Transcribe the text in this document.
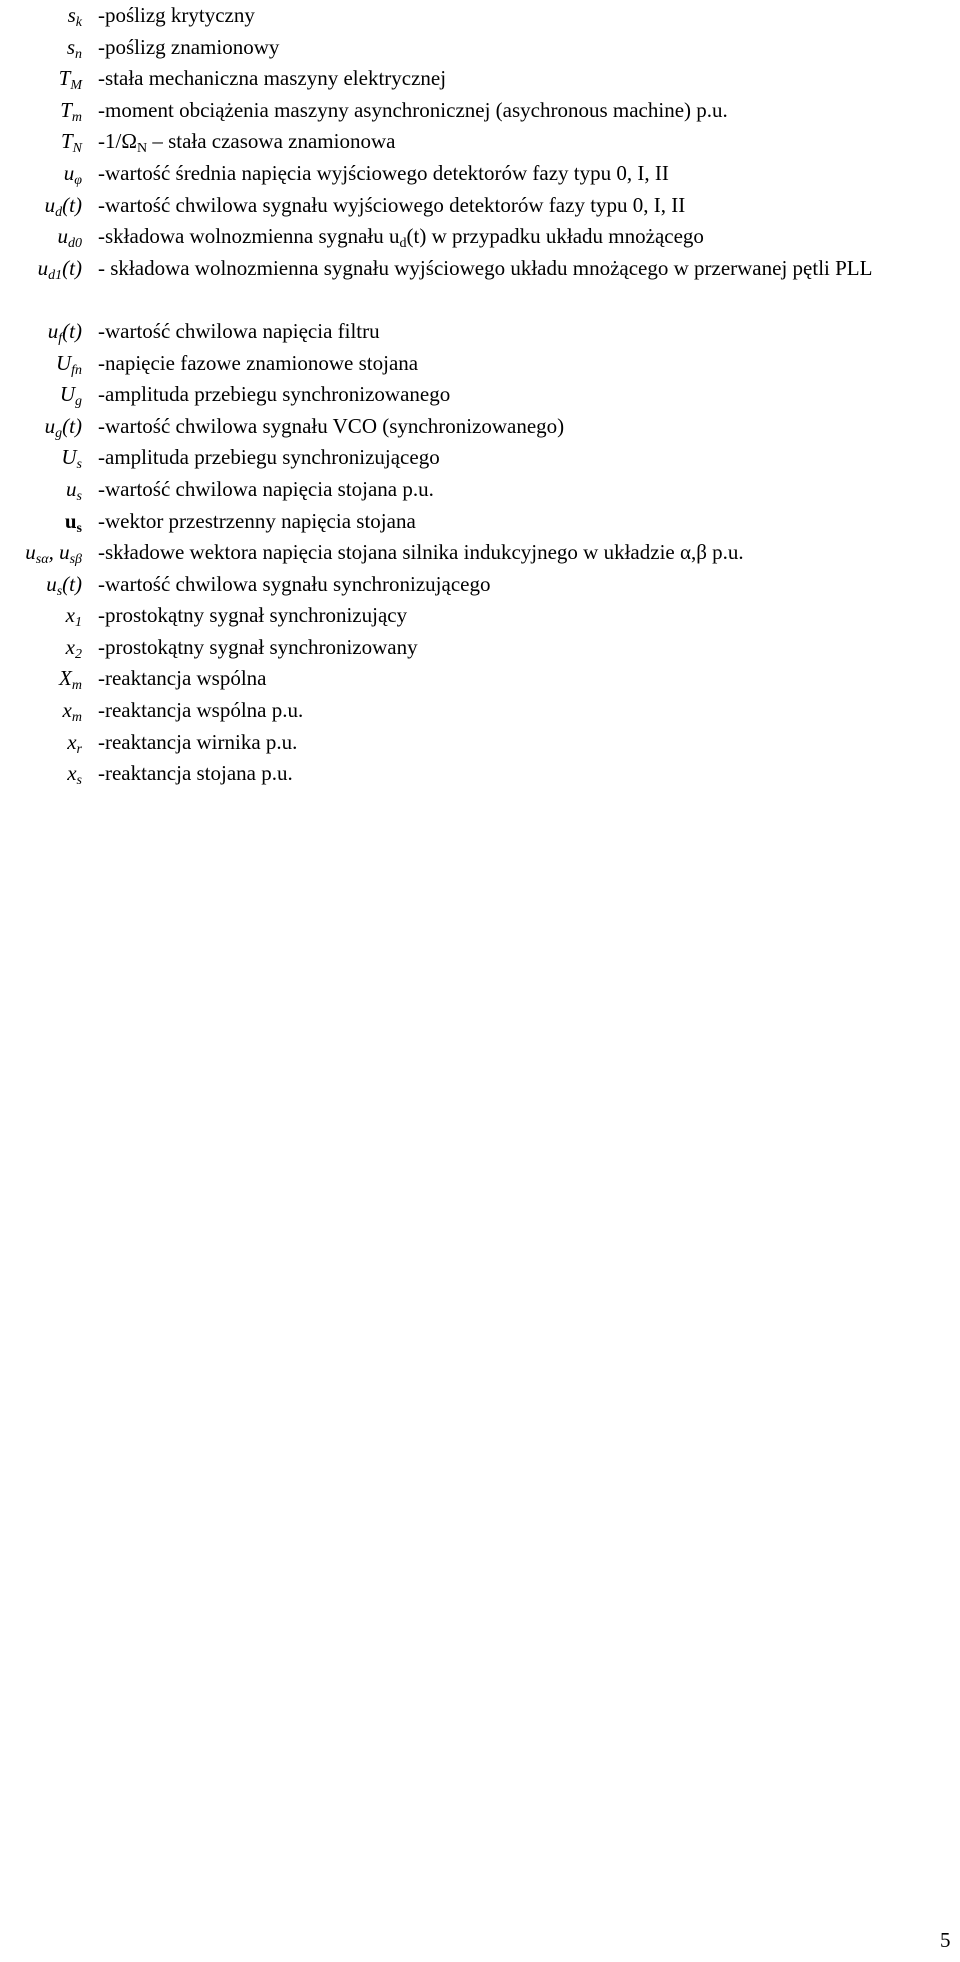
$s_k$ -poślizg krytyczny
$s_n$ -poślizg znamionowy
$T_M$ -stała mechaniczna maszyny elektrycznej
$T_m$ -moment obciążenia maszyny asynchronicznej (asychronous machine) p.u.
$T_N$ $-1/\Omega_N$ – stała czasowa znamionowa
$u_\varphi$ -wartość średnia napięcia wyjściowego detektorów fazy typu 0, I, II
$u_d(t)$ -wartość chwilowa sygnału wyjściowego detektorów fazy typu 0, I, II
$u_{d0}$ -składowa wolnozmienna sygnału $u_d(t)$ w przypadku układu mnożącego
$u_{d1}(t)$ - składowa wolnozmienna sygnału wyjściowego układu mnożącego w przerwanej pętli PLL
$u_f(t)$ -wartość chwilowa napięcia filtru
$U_{fn}$ -napięcie fazowe znamionowe stojana
$U_g$ -amplituda przebiegu synchronizowanego
$u_g(t)$ -wartość chwilowa sygnału VCO (synchronizowanego)
$U_s$ -amplituda przebiegu synchronizującego
$u_s$ -wartość chwilowa napięcia stojana p.u.
$u_s$ -wektor przestrzenny napięcia stojana
$u_{s\alpha}$, $u_{s\beta}$ -składowe wektora napięcia stojana silnika indukcyjnego w układzie α,β p.u.
$u_s(t)$ -wartość chwilowa sygnału synchronizującego
$x_1$ -prostokątny sygnał synchronizujący
$x_2$ -prostokątny sygnał synchronizowany
$X_m$ -reaktancja wspólna
$x_m$ -reaktancja wspólna p.u.
$x_r$ -reaktancja wirnika p.u.
$x_s$ -reaktancja stojana p.u.
5
